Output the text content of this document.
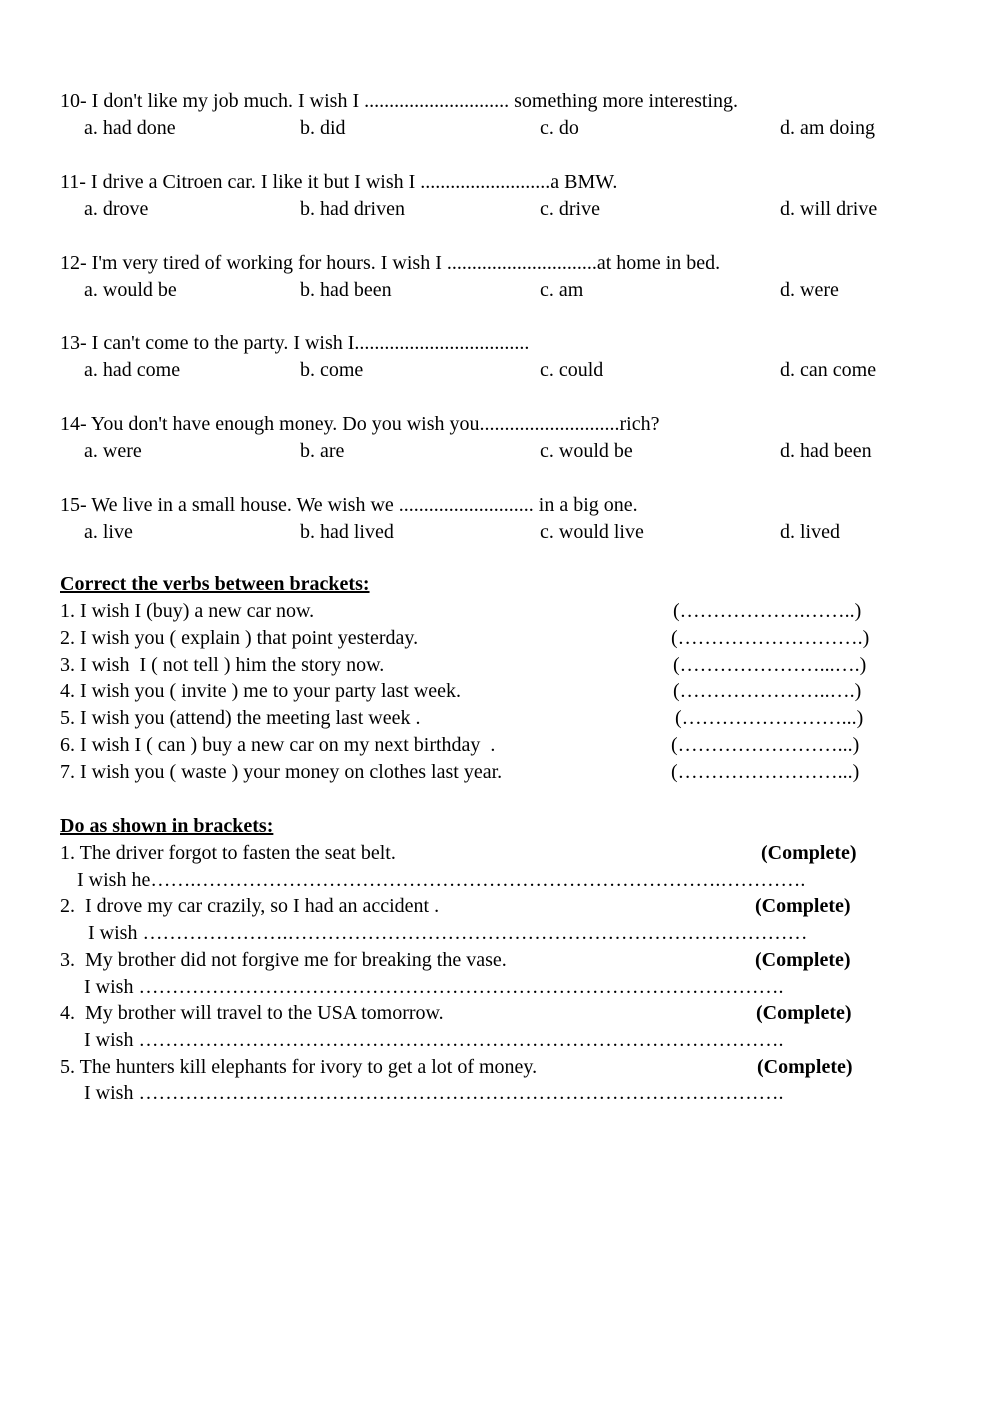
10- I don't like my job much. I wish I ............................. something more interesting.
a. had done	b. did	c. do	d. am doing
11- I drive a Citroen car. I like it but I wish I ..........................a BMW.
a. drove	b. had driven	c. drive	d. will drive
12- I'm very tired of working for hours. I wish I ..............................at home in bed.
a. would be	b. had been	c. am	d. were
13- I can't come to the party. I wish I...................................
a. had come	b. come	c. could	d. can come
14- You don't have enough money. Do you wish you............................rich?
a. were	b. are	c. would be	d. had been
15- We live in a small house. We wish we ........................... in a big one.
a. live	b. had lived	c. would live	d. lived
Correct the verbs between brackets:
1. I wish I (buy) a new car now.	(……………….……..)
2. I wish you ( explain ) that point yesterday.	(……………………….)
3. I wish  I ( not tell ) him the story now.	(…………………...….)
4. I wish you ( invite ) me to your party last week.	(…………………..….)
5. I wish you (attend) the meeting last week .	(……………………...)
6. I wish I ( can ) buy a new car on my next birthday  .	(……………………...)
7. I wish you ( waste ) your money on clothes last year.	(……………………...)
Do as shown in brackets:
1. The driver forgot to fasten the seat belt.	(Complete)
I wish he…….…………………………………………………………………….………….
2.  I drove my car crazily, so I had an accident .	(Complete)
I wish ………………….……………………………………………………………………
3.  My brother did not forgive me for breaking the vase.	(Complete)
I wish …………………………………………………………………………………….
4.  My brother will travel to the USA tomorrow.	(Complete)
I wish …………………………………………………………………………………….
5. The hunters kill elephants for ivory to get a lot of money.	(Complete)
I wish …………………………………………………………………………………….
